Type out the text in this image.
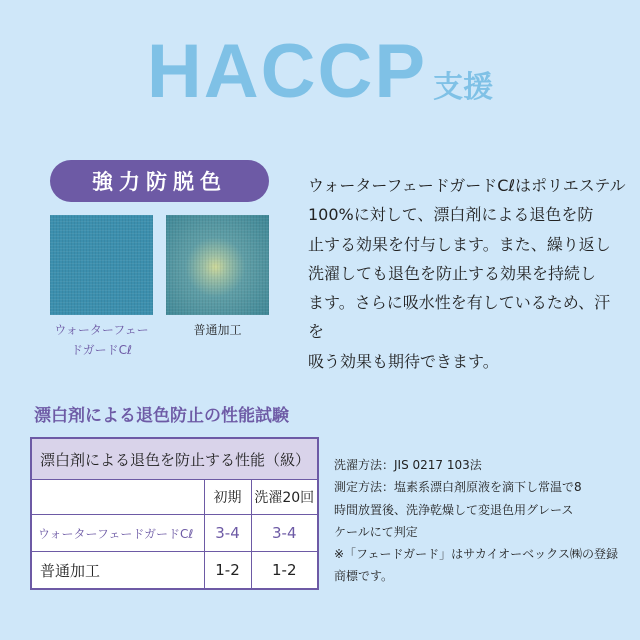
HACCP 支援
強力防脱色
ウォーターフェー
ドガードCℓ
普通加工
ウォーターフェードガードCℓはポリエステル
100%に対して、漂白剤による退色を防
止する効果を付与します。また、繰り返し
洗濯しても退色を防止する効果を持続し
ます。さらに吸水性を有しているため、汗を
吸う効果も期待できます。
漂白剤による退色防止の性能試験
漂白剤による退色を防止する性能（級）		
	初期	洗濯20回
ウォーターフェードガードCℓ	3-4	3-4
普通加工	1-2	1-2
洗濯方法：JIS 0217 103法
測定方法：塩素系漂白剤原液を滴下し常温で8
時間放置後、洗浄乾燥して変退色用グレース
ケールにて判定
※「フェードガード」はサカイオーベックス㈱の登録
商標です。
